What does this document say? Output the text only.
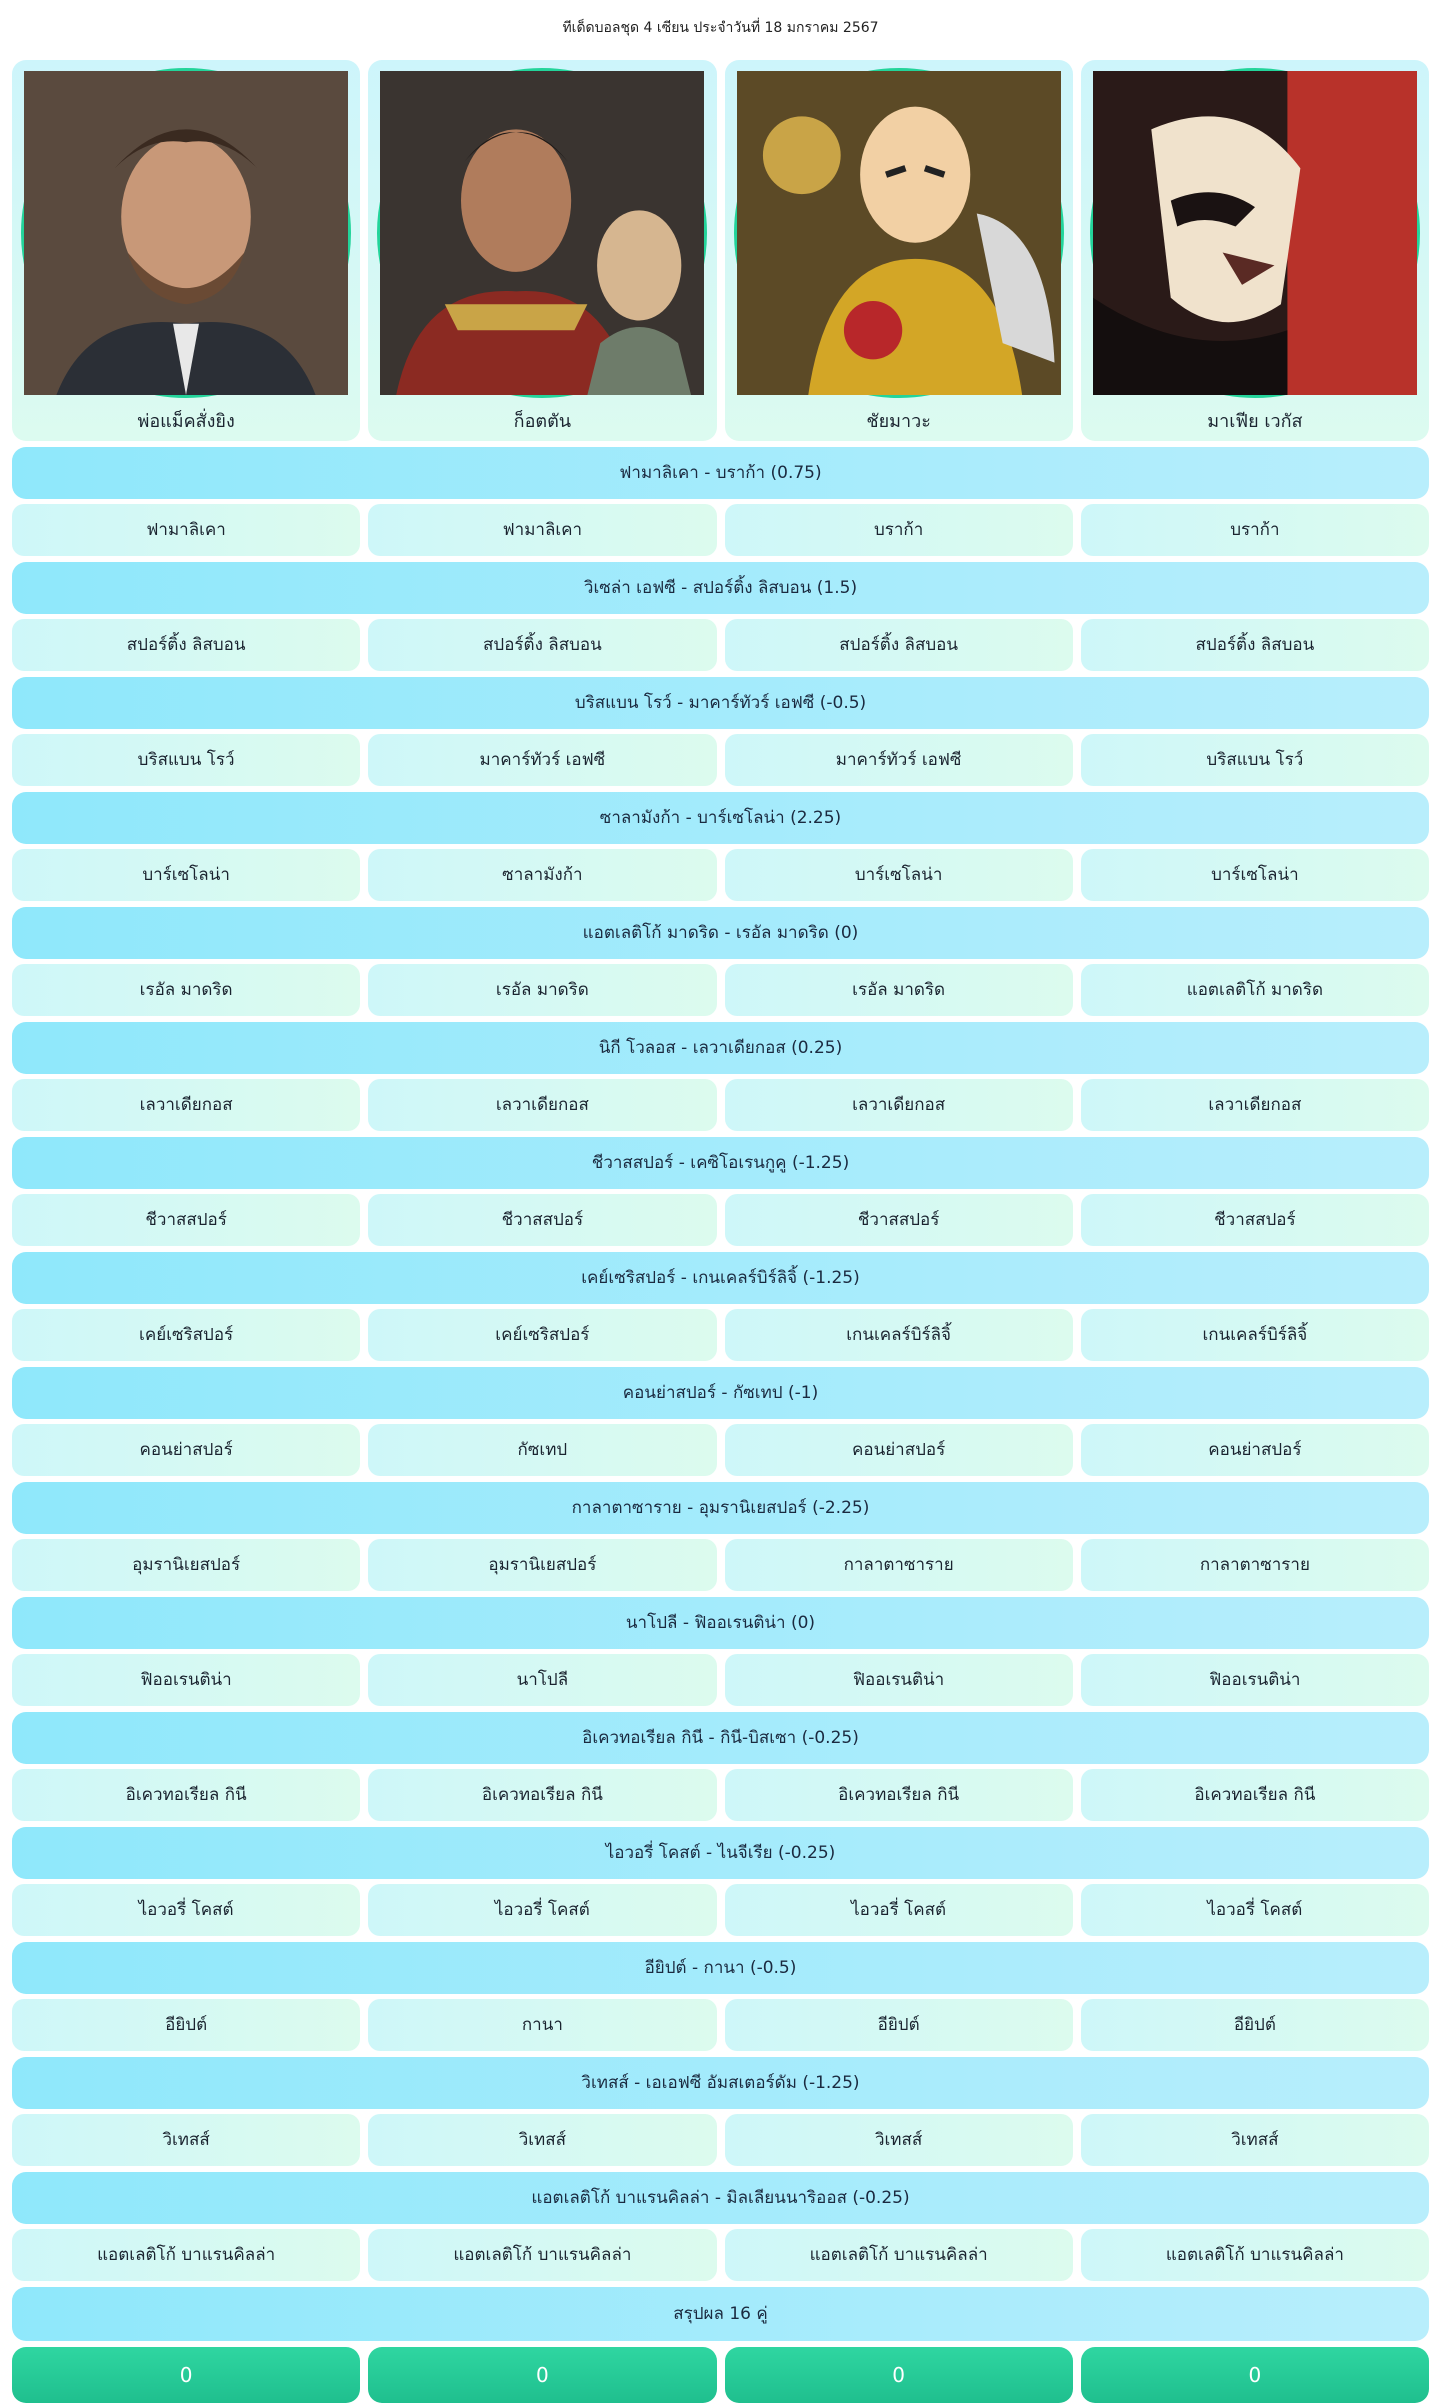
ทีเด็ดบอลชุด 4 เซียน ประจำวันที่ 18 มกราคม 2567
พ่อแม็คสั่งยิง	ก็อตตัน	ชัยมาวะ	มาเฟีย เวกัส
ฟามาลิเคา - บราก้า (0.75)
ฟามาลิเคา	ฟามาลิเคา	บราก้า	บราก้า
วิเซล่า เอฟซี - สปอร์ติ้ง ลิสบอน (1.5)
สปอร์ติ้ง ลิสบอน	สปอร์ติ้ง ลิสบอน	สปอร์ติ้ง ลิสบอน	สปอร์ติ้ง ลิสบอน
บริสแบน โรว์ - มาคาร์ทัวร์ เอฟซี (-0.5)
บริสแบน โรว์	มาคาร์ทัวร์ เอฟซี	มาคาร์ทัวร์ เอฟซี	บริสแบน โรว์
ซาลามังก้า - บาร์เซโลน่า (2.25)
บาร์เซโลน่า	ซาลามังก้า	บาร์เซโลน่า	บาร์เซโลน่า
แอตเลติโก้ มาดริด - เรอัล มาดริด (0)
เรอัล มาดริด	เรอัล มาดริด	เรอัล มาดริด	แอตเลติโก้ มาดริด
นิกี โวลอส - เลวาเดียกอส (0.25)
เลวาเดียกอส	เลวาเดียกอส	เลวาเดียกอส	เลวาเดียกอส
ชีวาสสปอร์ - เคซิโอเรนกูคู (-1.25)
ชีวาสสปอร์	ชีวาสสปอร์	ชีวาสสปอร์	ชีวาสสปอร์
เคย์เซริสปอร์ - เกนเคลร์บิร์ลิจิ้ (-1.25)
เคย์เซริสปอร์	เคย์เซริสปอร์	เกนเคลร์บิร์ลิจิ้	เกนเคลร์บิร์ลิจิ้
คอนย่าสปอร์ - กัซเทป (-1)
คอนย่าสปอร์	กัซเทป	คอนย่าสปอร์	คอนย่าสปอร์
กาลาตาซาราย - อุมรานิเยสปอร์ (-2.25)
อุมรานิเยสปอร์	อุมรานิเยสปอร์	กาลาตาซาราย	กาลาตาซาราย
นาโปลี - ฟิออเรนติน่า (0)
ฟิออเรนติน่า	นาโปลี	ฟิออเรนติน่า	ฟิออเรนติน่า
อิเควทอเรียล กินี - กินี-บิสเซา (-0.25)
อิเควทอเรียล กินี	อิเควทอเรียล กินี	อิเควทอเรียล กินี	อิเควทอเรียล กินี
ไอวอรี่ โคสต์ - ไนจีเรีย (-0.25)
ไอวอรี่ โคสต์	ไอวอรี่ โคสต์	ไอวอรี่ โคสต์	ไอวอรี่ โคสต์
อียิปต์ - กานา (-0.5)
อียิปต์	กานา	อียิปต์	อียิปต์
วิเทสส์ - เอเอฟซี อัมสเตอร์ดัม (-1.25)
วิเทสส์	วิเทสส์	วิเทสส์	วิเทสส์
แอตเลติโก้ บาแรนคิลล่า - มิลเลียนนาริออส (-0.25)
แอตเลติโก้ บาแรนคิลล่า	แอตเลติโก้ บาแรนคิลล่า	แอตเลติโก้ บาแรนคิลล่า	แอตเลติโก้ บาแรนคิลล่า
สรุปผล 16 คู่
0	0	0	0
